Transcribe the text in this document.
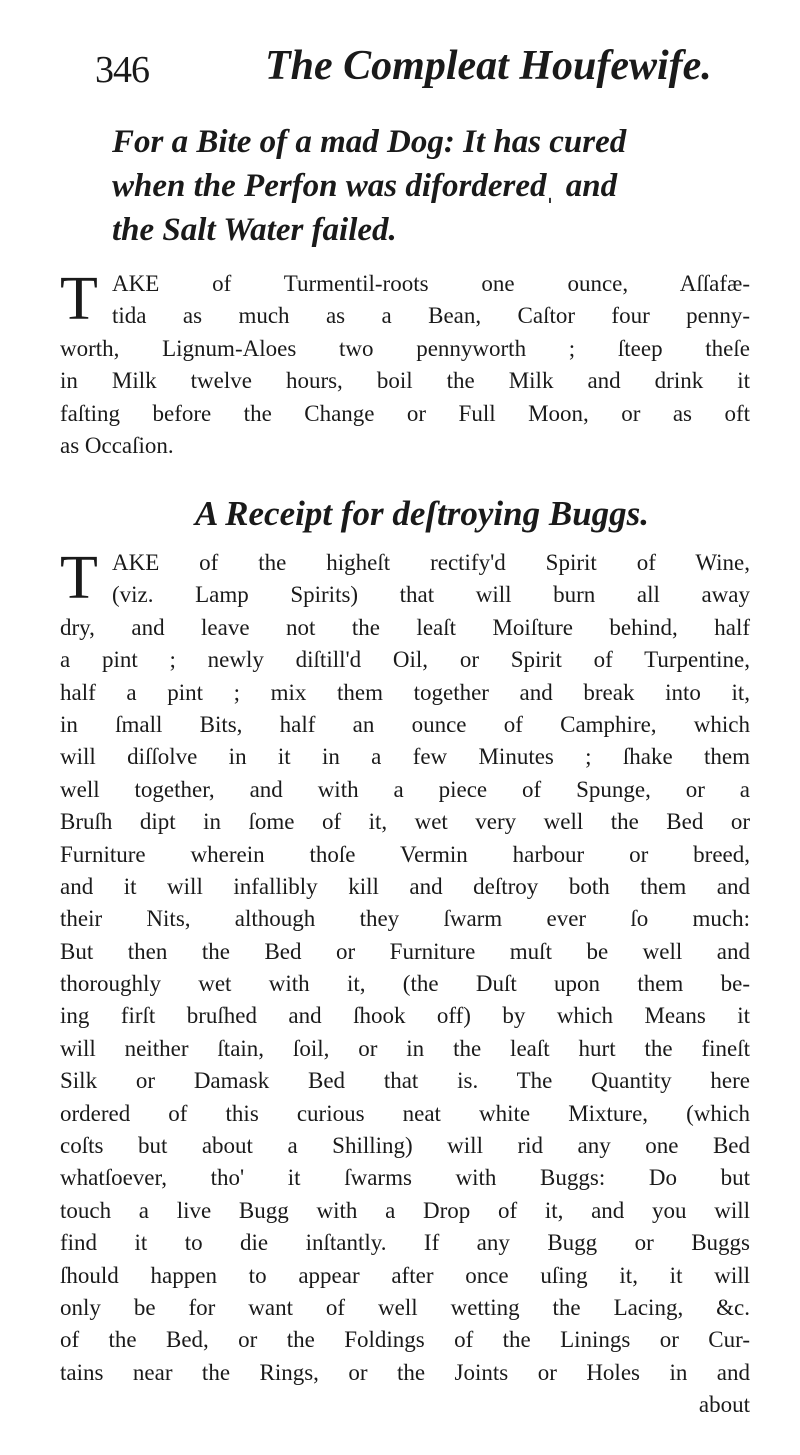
346	The Compleat Houfewife.
For a Bite of a mad Dog: It has cured
when the Perfon was diforderedˌ and
the Salt Water failed.
T AKE of Turmentil-roots one ounce, Aſſafæ-
tida as much as a Bean, Caſtor four penny-
worth, Lignum-Aloes two pennyworth ; ſteep theſe
in Milk twelve hours, boil the Milk and drink it
faſting before the Change or Full Moon, or as oft
as Occaſion.
A Receipt for deſtroying Buggs.
T AKE of the higheſt rectify'd Spirit of Wine,
(viz. Lamp Spirits) that will burn all away
dry, and leave not the leaſt Moiſture behind, half
a pint ; newly diſtill'd Oil, or Spirit of Turpentine,
half a pint ; mix them together and break into it,
in ſmall Bits, half an ounce of Camphire, which
will diſſolve in it in a few Minutes ; ſhake them
well together, and with a piece of Spunge, or a
Bruſh dipt in ſome of it, wet very well the Bed or
Furniture wherein thoſe Vermin harbour or breed,
and it will infallibly kill and deſtroy both them and
their Nits, although they ſwarm ever ſo much:
But then the Bed or Furniture muſt be well and
thoroughly wet with it, (the Duſt upon them be-
ing firſt bruſhed and ſhook off) by which Means it
will neither ſtain, ſoil, or in the leaſt hurt the fineſt
Silk or Damask Bed that is. The Quantity here
ordered of this curious neat white Mixture, (which
coſts but about a Shilling) will rid any one Bed
whatſoever, tho' it ſwarms with Buggs: Do but
touch a live Bugg with a Drop of it, and you will
find it to die inſtantly. If any Bugg or Buggs
ſhould happen to appear after once uſing it, it will
only be for want of well wetting the Lacing, &c.
of the Bed, or the Foldings of the Linings or Cur-
tains near the Rings, or the Joints or Holes in and
about
